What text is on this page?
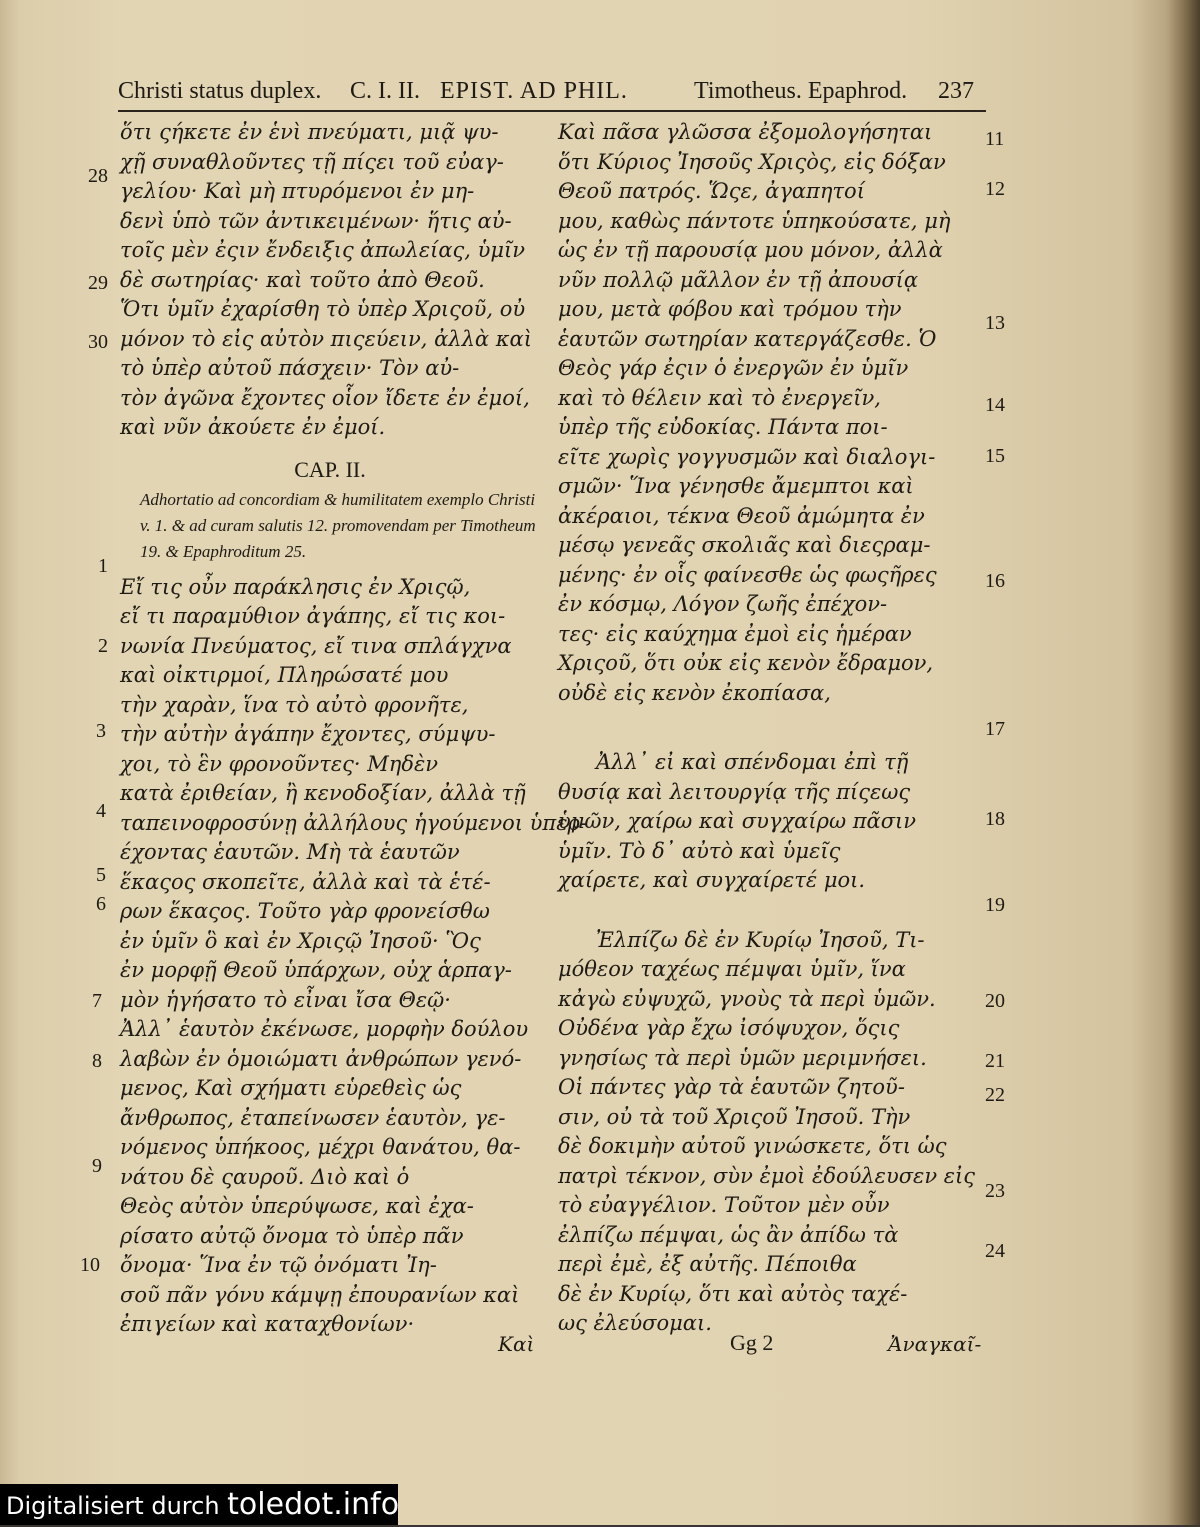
Christi status duplex. C. I. II. EPIST. AD PHIL.	Timotheus. Epaphrod. 237
ὅτι ςήκετε ἐν ἑνὶ πνεύματι, μιᾷ ψυ-
χῇ συναθλοῦντες τῇ πίςει τοῦ εὐαγ-
γελίου· Καὶ μὴ πτυρόμενοι ἐν μη-
δενὶ ὑπὸ τῶν ἀντικειμένων· ἥτις αὐ-
τοῖς μὲν ἐςιν ἔνδειξις ἀπωλείας, ὑμῖν
δὲ σωτηρίας· καὶ τοῦτο ἀπὸ Θεοῦ.
Ὅτι ὑμῖν ἐχαρίσθη τὸ ὑπὲρ Χριςοῦ, οὐ
μόνον τὸ εἰς αὐτὸν πιςεύειν, ἀλλὰ καὶ
τὸ ὑπὲρ αὐτοῦ πάσχειν· Τὸν αὐ-
τὸν ἀγῶνα ἔχοντες οἷον ἴδετε ἐν ἐμοί,
καὶ νῦν ἀκούετε ἐν ἐμοί.
CAP. II.
Adhortatio ad concordiam & humilitatem exemplo Christi v. 1. & ad curam salutis 12. promovendam per Timotheum 19. & Epaphroditum 25.
Εἴ τις οὖν παράκλησις ἐν Χριςῷ,
εἴ τι παραμύθιον ἀγάπης, εἴ τις κοι-
νωνία Πνεύματος, εἴ τινα σπλάγχνα
καὶ οἰκτιρμοί, Πληρώσατέ μου
τὴν χαρὰν, ἵνα τὸ αὐτὸ φρονῆτε,
τὴν αὐτὴν ἀγάπην ἔχοντες, σύμψυ-
χοι, τὸ ἓν φρονοῦντες· Μηδὲν
κατὰ ἐριθείαν, ἢ κενοδοξίαν, ἀλλὰ τῇ
ταπεινοφροσύνῃ ἀλλήλους ἡγούμενοι ὑπερ-
έχοντας ἑαυτῶν. Μὴ τὰ ἑαυτῶν
ἕκαςος σκοπεῖτε, ἀλλὰ καὶ τὰ ἑτέ-
ρων ἕκαςος. Τοῦτο γὰρ φρονείσθω
ἐν ὑμῖν ὃ καὶ ἐν Χριςῷ Ἰησοῦ· Ὃς
ἐν μορφῇ Θεοῦ ὑπάρχων, οὐχ ἁρπαγ-
μὸν ἡγήσατο τὸ εἶναι ἴσα Θεῷ·
Ἀλλ᾽ ἑαυτὸν ἐκένωσε, μορφὴν δούλου
λαβὼν ἐν ὁμοιώματι ἀνθρώπων γενό-
μενος, Καὶ σχήματι εὑρεθεὶς ὡς
ἄνθρωπος, ἐταπείνωσεν ἑαυτὸν, γε-
νόμενος ὑπήκοος, μέχρι θανάτου, θα-
νάτου δὲ ςαυροῦ. Διὸ καὶ ὁ
Θεὸς αὐτὸν ὑπερύψωσε, καὶ ἐχα-
ρίσατο αὐτῷ ὄνομα τὸ ὑπὲρ πᾶν
ὄνομα· Ἵνα ἐν τῷ ὀνόματι Ἰη-
σοῦ πᾶν γόνυ κάμψῃ ἐπουρανίων καὶ
ἐπιγείων καὶ καταχθονίων·
Καὶ
28
29
30
1
2
3
4
5
6
7
8
9
10
Καὶ πᾶσα γλῶσσα ἐξομολογήσηται
ὅτι Κύριος Ἰησοῦς Χριςὸς, εἰς δόξαν
Θεοῦ πατρός. Ὥςε, ἀγαπητοί
μου, καθὼς πάντοτε ὑπηκούσατε, μὴ
ὡς ἐν τῇ παρουσίᾳ μου μόνον, ἀλλὰ
νῦν πολλῷ μᾶλλον ἐν τῇ ἀπουσίᾳ
μου, μετὰ φόβου καὶ τρόμου τὴν
ἑαυτῶν σωτηρίαν κατεργάζεσθε. Ὁ
Θεὸς γάρ ἐςιν ὁ ἐνεργῶν ἐν ὑμῖν
καὶ τὸ θέλειν καὶ τὸ ἐνεργεῖν,
ὑπὲρ τῆς εὐδοκίας. Πάντα ποι-
εῖτε χωρὶς γογγυσμῶν καὶ διαλογι-
σμῶν· Ἵνα γένησθε ἄμεμπτοι καὶ
ἀκέραιοι, τέκνα Θεοῦ ἀμώμητα ἐν
μέσῳ γενεᾶς σκολιᾶς καὶ διεςραμ-
μένης· ἐν οἷς φαίνεσθε ὡς φωςῆρες
ἐν κόσμῳ, Λόγον ζωῆς ἐπέχον-
τες· εἰς καύχημα ἐμοὶ εἰς ἡμέραν
Χριςοῦ, ὅτι οὐκ εἰς κενὸν ἔδραμον,
οὐδὲ εἰς κενὸν ἐκοπίασα,
Ἀλλ᾽ εἰ καὶ σπένδομαι ἐπὶ τῇ
θυσίᾳ καὶ λειτουργίᾳ τῆς πίςεως
ὑμῶν, χαίρω καὶ συγχαίρω πᾶσιν
ὑμῖν. Τὸ δ᾽ αὐτὸ καὶ ὑμεῖς
χαίρετε, καὶ συγχαίρετέ μοι.
Ἐλπίζω δὲ ἐν Κυρίῳ Ἰησοῦ, Τι-
μόθεον ταχέως πέμψαι ὑμῖν, ἵνα
κἀγὼ εὐψυχῶ, γνοὺς τὰ περὶ ὑμῶν.
Οὐδένα γὰρ ἔχω ἰσόψυχον, ὅςις
γνησίως τὰ περὶ ὑμῶν μεριμνήσει.
Οἱ πάντες γὰρ τὰ ἑαυτῶν ζητοῦ-
σιν, οὐ τὰ τοῦ Χριςοῦ Ἰησοῦ. Τὴν
δὲ δοκιμὴν αὐτοῦ γινώσκετε, ὅτι ὡς
πατρὶ τέκνον, σὺν ἐμοὶ ἐδούλευσεν εἰς
τὸ εὐαγγέλιον. Τοῦτον μὲν οὖν
ἐλπίζω πέμψαι, ὡς ἂν ἀπίδω τὰ
περὶ ἐμὲ, ἐξ αὐτῆς. Πέποιθα
δὲ ἐν Κυρίῳ, ὅτι καὶ αὐτὸς ταχέ-
ως ἐλεύσομαι.
Gg 2	Ἀναγκαῖ-
11
12
13
14
15
16
17
18
19
20
21
22
23
24
Digitalisiert durch toledot.info
